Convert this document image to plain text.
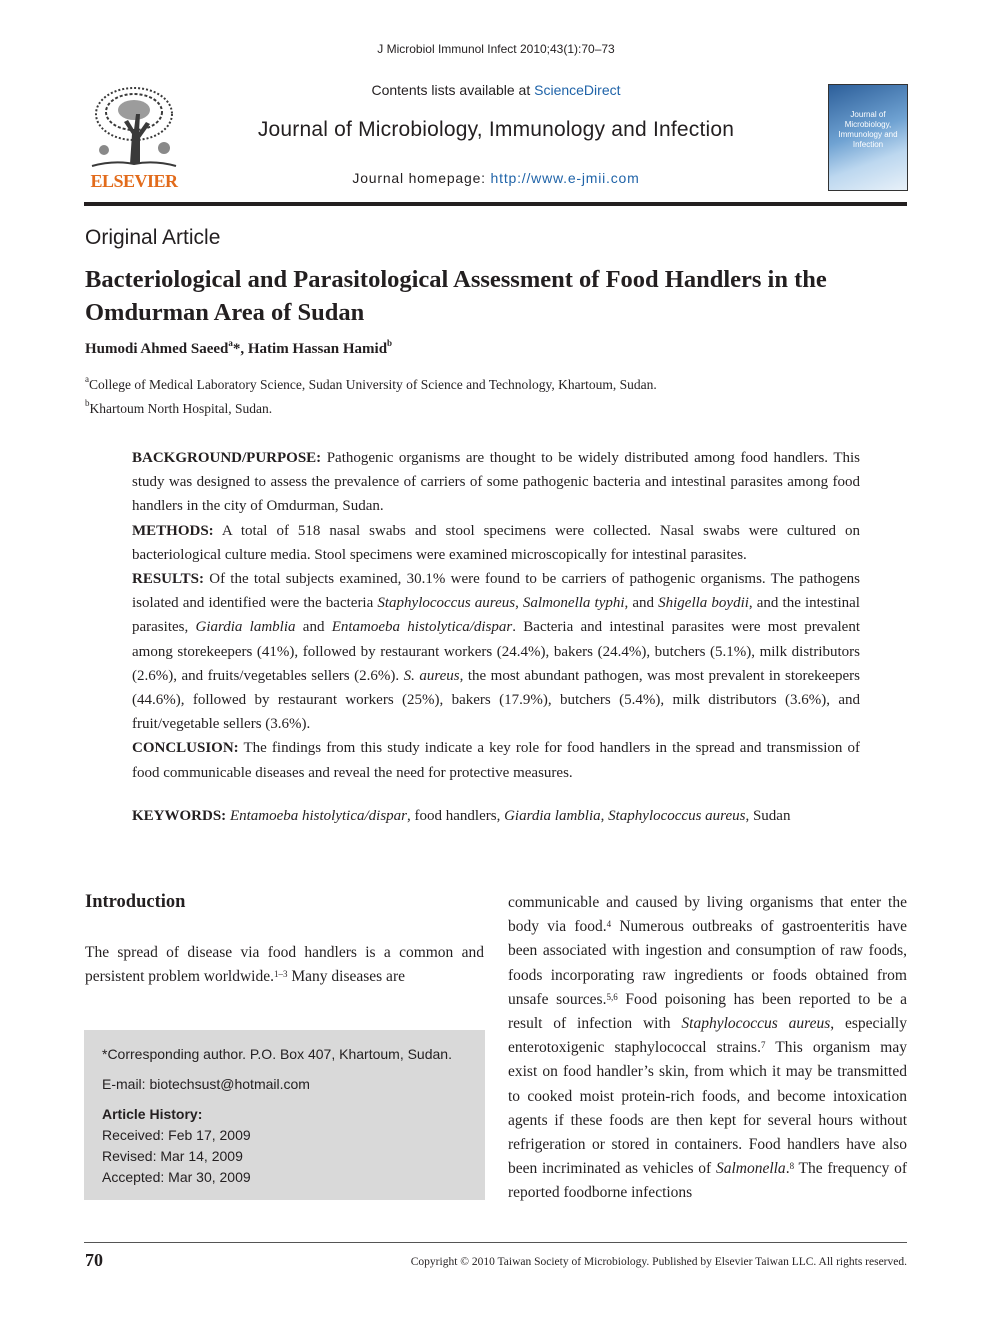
J Microbiol Immunol Infect 2010;43(1):70–73
Contents lists available at ScienceDirect
Journal of Microbiology, Immunology and Infection
Journal homepage: http://www.e-jmii.com
ELSEVIER
Journal of Microbiology, Immunology and Infection
Original Article
Bacteriological and Parasitological Assessment of Food Handlers in the Omdurman Area of Sudan
Humodi Ahmed Saeed$^a$*, Hatim Hassan Hamid$^b$
$^a$College of Medical Laboratory Science, Sudan University of Science and Technology, Khartoum, Sudan.
$^b$Khartoum North Hospital, Sudan.

BACKGROUND/PURPOSE: Pathogenic organisms are thought to be widely distributed among food handlers. This study was designed to assess the prevalence of carriers of some pathogenic bacteria and intestinal parasites among food handlers in the city of Omdurman, Sudan.

METHODS: A total of 518 nasal swabs and stool specimens were collected. Nasal swabs were cultured on bacteriological culture media. Stool specimens were examined microscopically for intestinal parasites.

RESULTS: Of the total subjects examined, 30.1% were found to be carriers of pathogenic organisms. The pathogens isolated and identified were the bacteria Staphylococcus aureus, Salmonella typhi, and Shigella boydii, and the intestinal parasites, Giardia lamblia and Entamoeba histolytica/dispar. Bacteria and intestinal parasites were most prevalent among storekeepers (41%), followed by restaurant workers (24.4%), bakers (24.4%), butchers (5.1%), milk distributors (2.6%), and fruits/vegetables sellers (2.6%). S. aureus, the most abundant pathogen, was most prevalent in storekeepers (44.6%), followed by restaurant workers (25%), bakers (17.9%), butchers (5.4%), milk distributors (3.6%), and fruit/vegetable sellers (3.6%).

CONCLUSION: The findings from this study indicate a key role for food handlers in the spread and transmission of food communicable diseases and reveal the need for protective measures.

KEYWORDS: Entamoeba histolytica/dispar, food handlers, Giardia lamblia, Staphylococcus aureus, Sudan
Introduction

The spread of disease via food handlers is a common and persistent problem worldwide.$^{1-3}$ Many diseases are

communicable and caused by living organisms that enter the body via food.$^4$ Numerous outbreaks of gastroenteritis have been associated with ingestion and consumption of raw foods, foods incorporating raw ingredients or foods obtained from unsafe sources.$^{5,6}$ Food poisoning has been reported to be a result of infection with Staphylococcus aureus, especially enterotoxigenic staphylococcal strains.$^7$ This organism may exist on food handler’s skin, from which it may be transmitted to cooked moist protein-rich foods, and become intoxication agents if these foods are then kept for several hours without refrigeration or stored in containers. Food handlers have also been incriminated as vehicles of Salmonella.$^8$ The frequency of reported foodborne infections

*Corresponding author. P.O. Box 407, Khartoum, Sudan.
E-mail: biotechsust@hotmail.com
Article History:
Received: Feb 17, 2009
Revised: Mar 14, 2009
Accepted: Mar 30, 2009
70	Copyright © 2010 Taiwan Society of Microbiology. Published by Elsevier Taiwan LLC. All rights reserved.
